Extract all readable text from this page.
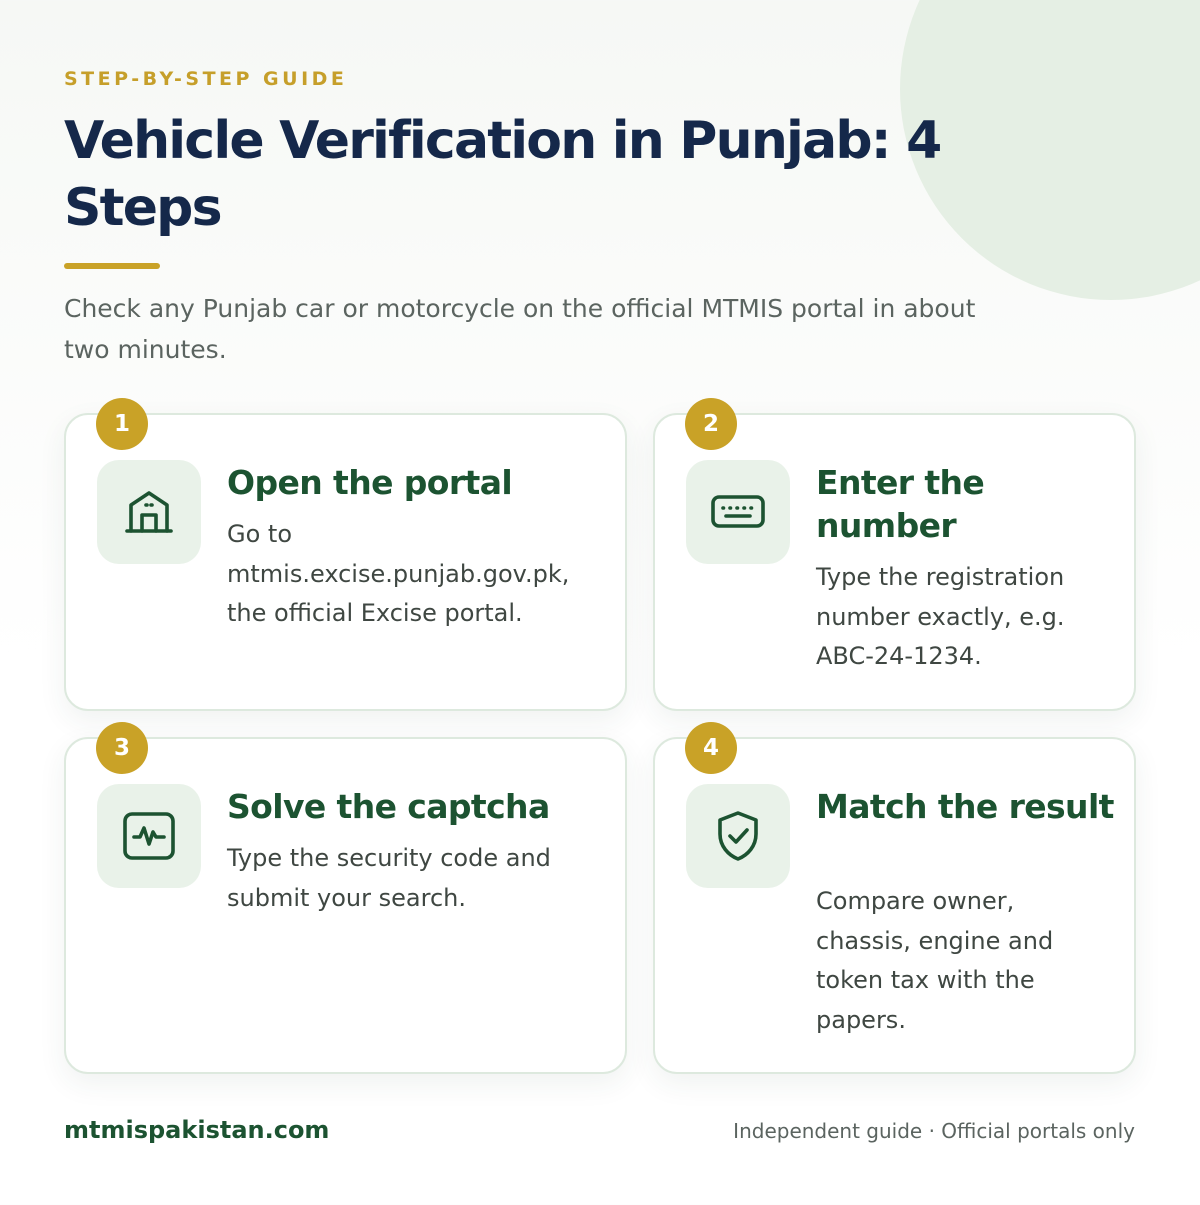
STEP-BY-STEP GUIDE
Vehicle Verification in Punjab: 4 Steps

Check any Punjab car or motorcycle on the official MTMIS portal in about two minutes.

1
Open the portal

Go to mtmis.excise.punjab.gov.pk, the official Excise portal.

2
Enter the number

Type the registration number exactly, e.g. ABC-24-1234.

3
Solve the captcha

Type the security code and submit your search.

4
Match the result

Compare owner, chassis, engine and token tax with the papers.

mtmispakistan.com	Independent guide · Official portals only
